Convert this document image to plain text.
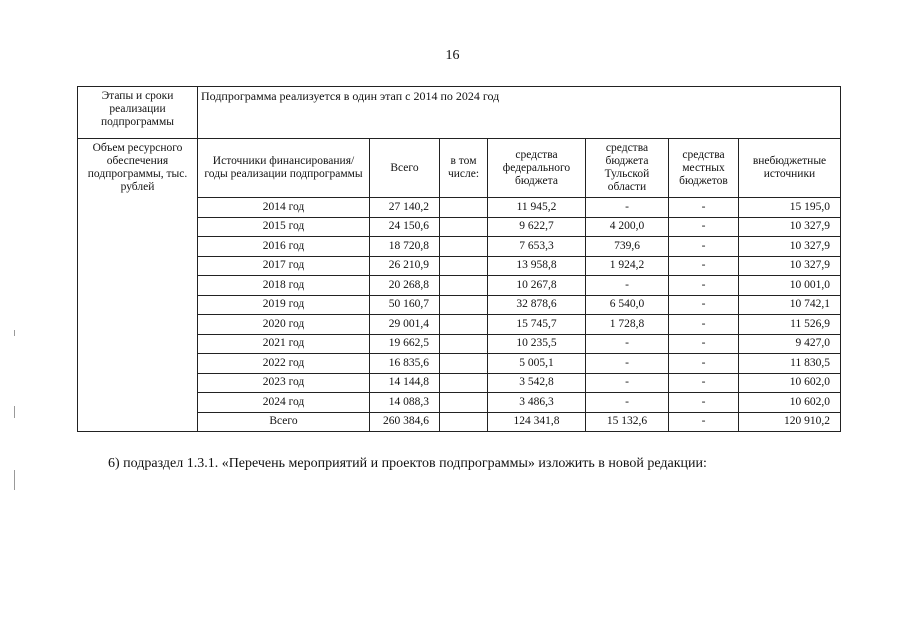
16
Этапы и сроки реализации подпрограммы	Подпрограмма реализуется в один этап с 2014 по 2024 год						
Объем ресурсного обеспечения подпрограммы, тыс. рублей	Источники финансирования/ годы реализации подпрограммы	Всего	в том числе:	средства федерального бюджета	средства бюджета Тульской области	средства местных бюджетов	внебюджетные источники
	2014 год	27 140,2		11 945,2	-	-	15 195,0
	2015 год	24 150,6		9 622,7	4 200,0	-	10 327,9
	2016 год	18 720,8		7 653,3	739,6	-	10 327,9
	2017 год	26 210,9		13 958,8	1 924,2	-	10 327,9
	2018 год	20 268,8		10 267,8	-	-	10 001,0
	2019 год	50 160,7		32 878,6	6 540,0	-	10 742,1
	2020 год	29 001,4		15 745,7	1 728,8	-	11 526,9
	2021 год	19 662,5		10 235,5	-	-	9 427,0
	2022 год	16 835,6		5 005,1	-	-	11 830,5
	2023 год	14 144,8		3 542,8	-	-	10 602,0
	2024 год	14 088,3		3 486,3	-	-	10 602,0
	Всего	260 384,6		124 341,8	15 132,6	-	120 910,2
6) подраздел 1.3.1. «Перечень мероприятий и проектов подпрограммы» изложить в новой редакции:
